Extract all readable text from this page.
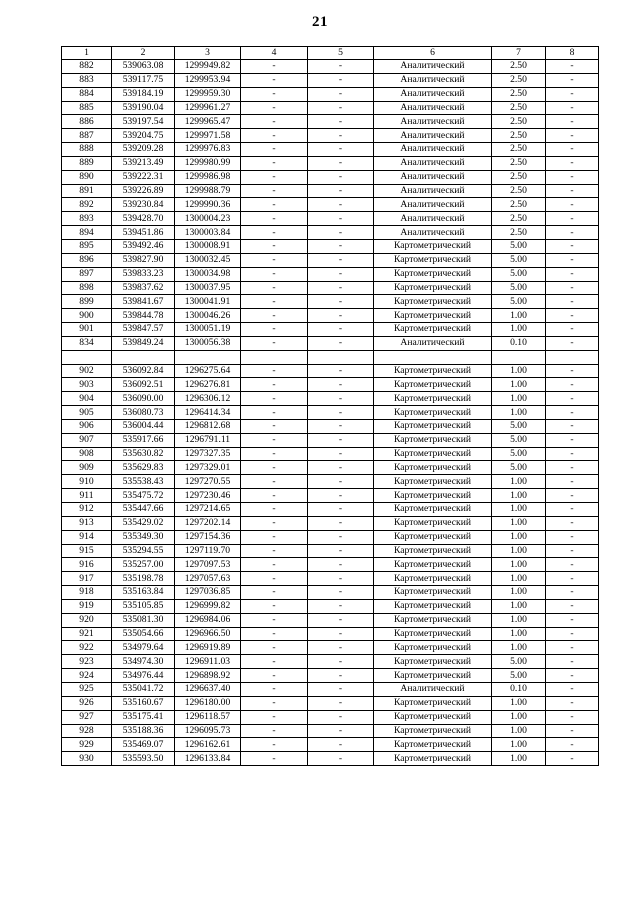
21
1	2	3	4	5	6	7	8
882	539063.08	1299949.82	-	-	Аналитический	2.50	-
883	539117.75	1299953.94	-	-	Аналитический	2.50	-
884	539184.19	1299959.30	-	-	Аналитический	2.50	-
885	539190.04	1299961.27	-	-	Аналитический	2.50	-
886	539197.54	1299965.47	-	-	Аналитический	2.50	-
887	539204.75	1299971.58	-	-	Аналитический	2.50	-
888	539209.28	1299976.83	-	-	Аналитический	2.50	-
889	539213.49	1299980.99	-	-	Аналитический	2.50	-
890	539222.31	1299986.98	-	-	Аналитический	2.50	-
891	539226.89	1299988.79	-	-	Аналитический	2.50	-
892	539230.84	1299990.36	-	-	Аналитический	2.50	-
893	539428.70	1300004.23	-	-	Аналитический	2.50	-
894	539451.86	1300003.84	-	-	Аналитический	2.50	-
895	539492.46	1300008.91	-	-	Картометрический	5.00	-
896	539827.90	1300032.45	-	-	Картометрический	5.00	-
897	539833.23	1300034.98	-	-	Картометрический	5.00	-
898	539837.62	1300037.95	-	-	Картометрический	5.00	-
899	539841.67	1300041.91	-	-	Картометрический	5.00	-
900	539844.78	1300046.26	-	-	Картометрический	1.00	-
901	539847.57	1300051.19	-	-	Картометрический	1.00	-
834	539849.24	1300056.38	-	-	Аналитический	0.10	-

902	536092.84	1296275.64	-	-	Картометрический	1.00	-
903	536092.51	1296276.81	-	-	Картометрический	1.00	-
904	536090.00	1296306.12	-	-	Картометрический	1.00	-
905	536080.73	1296414.34	-	-	Картометрический	1.00	-
906	536004.44	1296812.68	-	-	Картометрический	5.00	-
907	535917.66	1296791.11	-	-	Картометрический	5.00	-
908	535630.82	1297327.35	-	-	Картометрический	5.00	-
909	535629.83	1297329.01	-	-	Картометрический	5.00	-
910	535538.43	1297270.55	-	-	Картометрический	1.00	-
911	535475.72	1297230.46	-	-	Картометрический	1.00	-
912	535447.66	1297214.65	-	-	Картометрический	1.00	-
913	535429.02	1297202.14	-	-	Картометрический	1.00	-
914	535349.30	1297154.36	-	-	Картометрический	1.00	-
915	535294.55	1297119.70	-	-	Картометрический	1.00	-
916	535257.00	1297097.53	-	-	Картометрический	1.00	-
917	535198.78	1297057.63	-	-	Картометрический	1.00	-
918	535163.84	1297036.85	-	-	Картометрический	1.00	-
919	535105.85	1296999.82	-	-	Картометрический	1.00	-
920	535081.30	1296984.06	-	-	Картометрический	1.00	-
921	535054.66	1296966.50	-	-	Картометрический	1.00	-
922	534979.64	1296919.89	-	-	Картометрический	1.00	-
923	534974.30	1296911.03	-	-	Картометрический	5.00	-
924	534976.44	1296898.92	-	-	Картометрический	5.00	-
925	535041.72	1296637.40	-	-	Аналитический	0.10	-
926	535160.67	1296180.00	-	-	Картометрический	1.00	-
927	535175.41	1296118.57	-	-	Картометрический	1.00	-
928	535188.36	1296095.73	-	-	Картометрический	1.00	-
929	535469.07	1296162.61	-	-	Картометрический	1.00	-
930	535593.50	1296133.84	-	-	Картометрический	1.00	-
